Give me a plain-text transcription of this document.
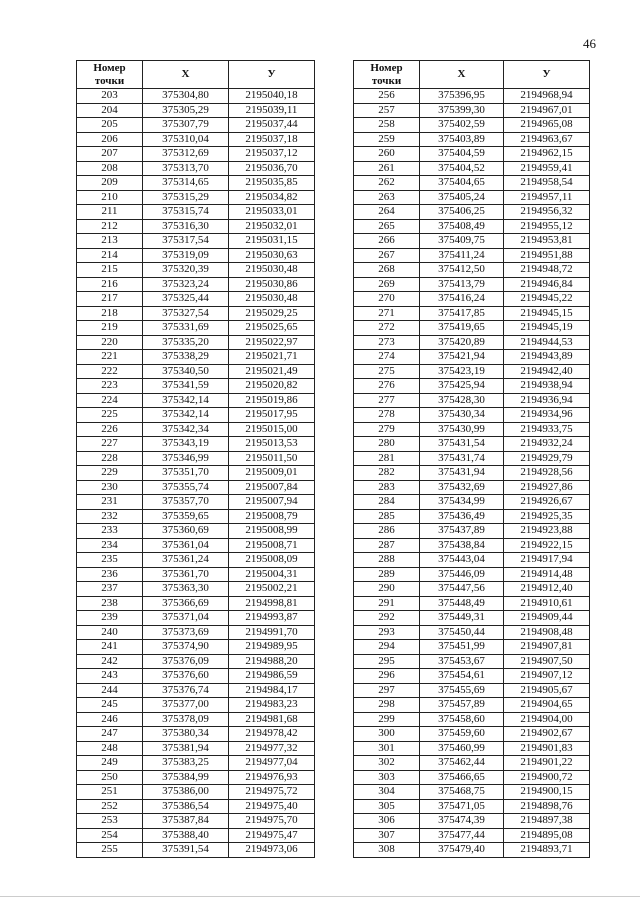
46
Номер
точки	X	У
203	375304,80	2195040,18
204	375305,29	2195039,11
205	375307,79	2195037,44
206	375310,04	2195037,18
207	375312,69	2195037,12
208	375313,70	2195036,70
209	375314,65	2195035,85
210	375315,29	2195034,82
211	375315,74	2195033,01
212	375316,30	2195032,01
213	375317,54	2195031,15
214	375319,09	2195030,63
215	375320,39	2195030,48
216	375323,24	2195030,86
217	375325,44	2195030,48
218	375327,54	2195029,25
219	375331,69	2195025,65
220	375335,20	2195022,97
221	375338,29	2195021,71
222	375340,50	2195021,49
223	375341,59	2195020,82
224	375342,14	2195019,86
225	375342,14	2195017,95
226	375342,34	2195015,00
227	375343,19	2195013,53
228	375346,99	2195011,50
229	375351,70	2195009,01
230	375355,74	2195007,84
231	375357,70	2195007,94
232	375359,65	2195008,79
233	375360,69	2195008,99
234	375361,04	2195008,71
235	375361,24	2195008,09
236	375361,70	2195004,31
237	375363,30	2195002,21
238	375366,69	2194998,81
239	375371,04	2194993,87
240	375373,69	2194991,70
241	375374,90	2194989,95
242	375376,09	2194988,20
243	375376,60	2194986,59
244	375376,74	2194984,17
245	375377,00	2194983,23
246	375378,09	2194981,68
247	375380,34	2194978,42
248	375381,94	2194977,32
249	375383,25	2194977,04
250	375384,99	2194976,93
251	375386,00	2194975,72
252	375386,54	2194975,40
253	375387,84	2194975,70
254	375388,40	2194975,47
255	375391,54	2194973,06
Номер
точки	X	У
256	375396,95	2194968,94
257	375399,30	2194967,01
258	375402,59	2194965,08
259	375403,89	2194963,67
260	375404,59	2194962,15
261	375404,52	2194959,41
262	375404,65	2194958,54
263	375405,24	2194957,11
264	375406,25	2194956,32
265	375408,49	2194955,12
266	375409,75	2194953,81
267	375411,24	2194951,88
268	375412,50	2194948,72
269	375413,79	2194946,84
270	375416,24	2194945,22
271	375417,85	2194945,15
272	375419,65	2194945,19
273	375420,89	2194944,53
274	375421,94	2194943,89
275	375423,19	2194942,40
276	375425,94	2194938,94
277	375428,30	2194936,94
278	375430,34	2194934,96
279	375430,99	2194933,75
280	375431,54	2194932,24
281	375431,74	2194929,79
282	375431,94	2194928,56
283	375432,69	2194927,86
284	375434,99	2194926,67
285	375436,49	2194925,35
286	375437,89	2194923,88
287	375438,84	2194922,15
288	375443,04	2194917,94
289	375446,09	2194914,48
290	375447,56	2194912,40
291	375448,49	2194910,61
292	375449,31	2194909,44
293	375450,44	2194908,48
294	375451,99	2194907,81
295	375453,67	2194907,50
296	375454,61	2194907,12
297	375455,69	2194905,67
298	375457,89	2194904,65
299	375458,60	2194904,00
300	375459,60	2194902,67
301	375460,99	2194901,83
302	375462,44	2194901,22
303	375466,65	2194900,72
304	375468,75	2194900,15
305	375471,05	2194898,76
306	375474,39	2194897,38
307	375477,44	2194895,08
308	375479,40	2194893,71
